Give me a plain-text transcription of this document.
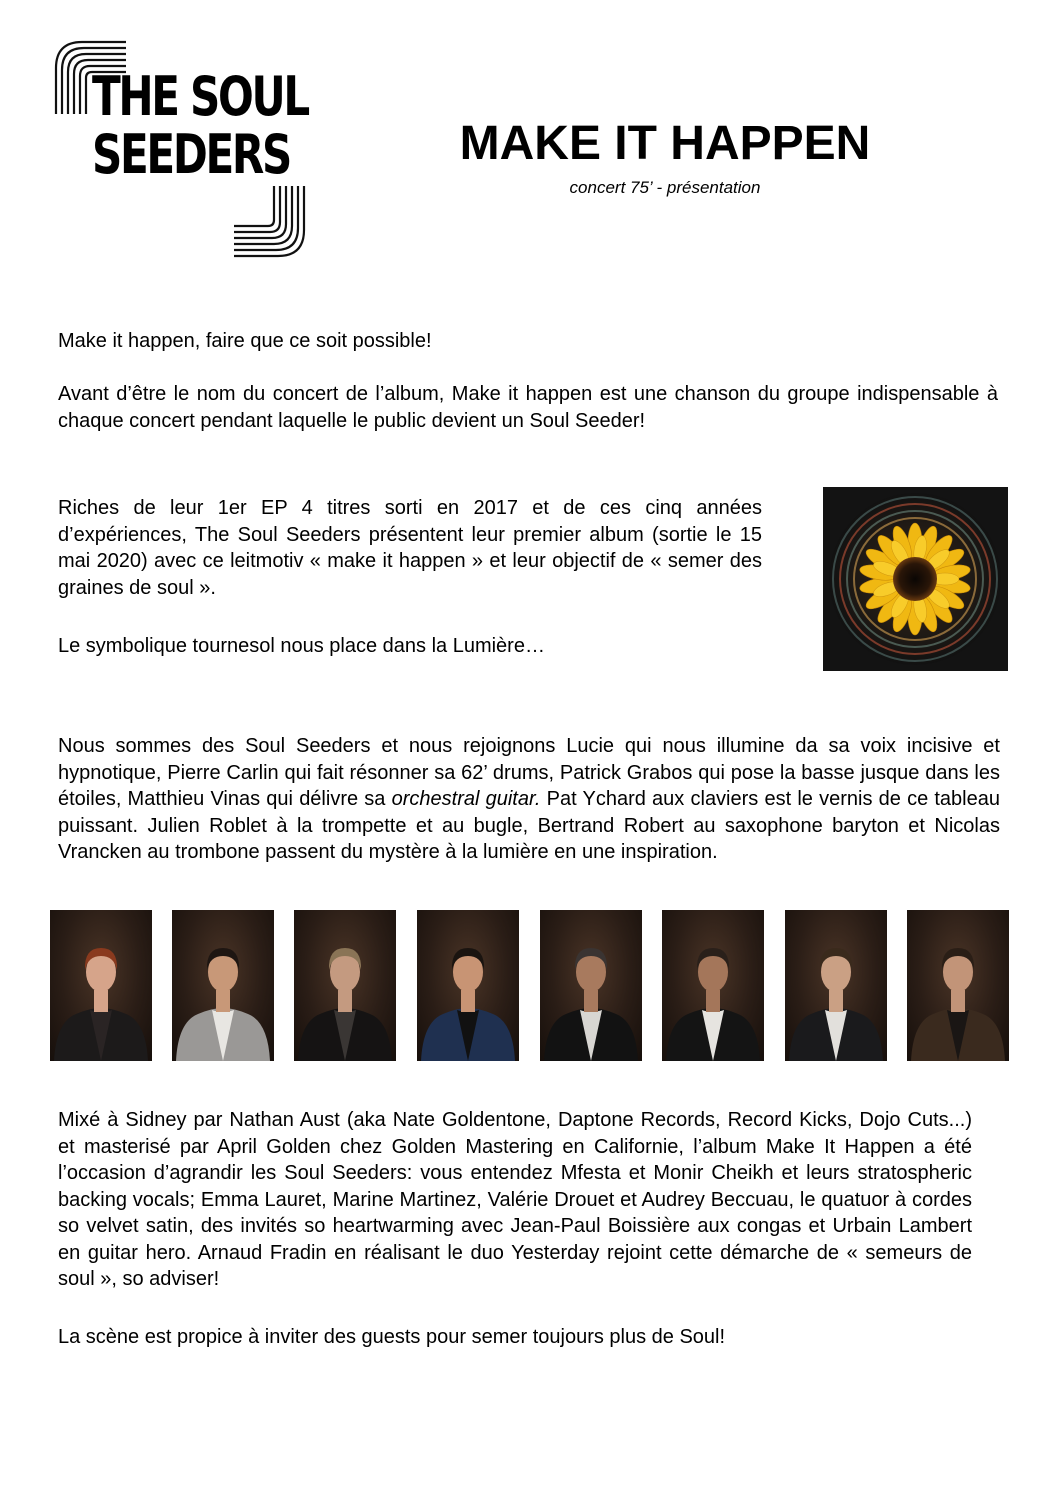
THE SOUL
SEEDERS	MAKE IT HAPPEN
concert 75’ - présentation

Make it happen, faire que ce soit possible!

Avant d’être le nom du concert de l’album, Make it happen est une chanson du groupe indispensable à chaque concert pendant laquelle le public devient un Soul Seeder!

Riches de leur 1er EP 4 titres sorti en 2017 et de ces cinq années d’expériences, The Soul Seeders présentent leur premier album (sortie le 15 mai 2020) avec ce leitmotiv « make it happen » et leur objectif de « semer des graines de soul ».

Le symbolique tournesol nous place dans la Lumière…

Nous sommes des Soul Seeders et nous rejoignons Lucie qui nous illumine da sa voix incisive et hypnotique, Pierre Carlin qui fait résonner sa 62’ drums, Patrick Grabos qui pose la basse jusque dans les étoiles, Matthieu Vinas qui délivre sa orchestral guitar. Pat Ychard aux claviers est le vernis de ce tableau puissant. Julien Roblet à la trompette et au bugle, Bertrand Robert au saxophone baryton et Nicolas Vrancken au trombone passent du mystère à la lumière en une inspiration.

Mixé à Sidney par Nathan Aust (aka Nate Goldentone, Daptone Records, Record Kicks, Dojo Cuts...) et masterisé par April Golden chez Golden Mastering en Californie, l’album Make It Happen a été l’occasion d’agrandir les Soul Seeders: vous entendez Mfesta et Monir Cheikh et leurs stratospheric backing vocals; Emma Lauret, Marine Martinez, Valérie Drouet et Audrey Beccuau, le quatuor à cordes so velvet satin, des invités so heartwarming avec Jean-Paul Boissière aux congas et Urbain Lambert en guitar hero. Arnaud Fradin en réalisant le duo Yesterday rejoint cette démarche de « semeurs de soul », so adviser!

La scène est propice à inviter des guests pour semer toujours plus de Soul!
